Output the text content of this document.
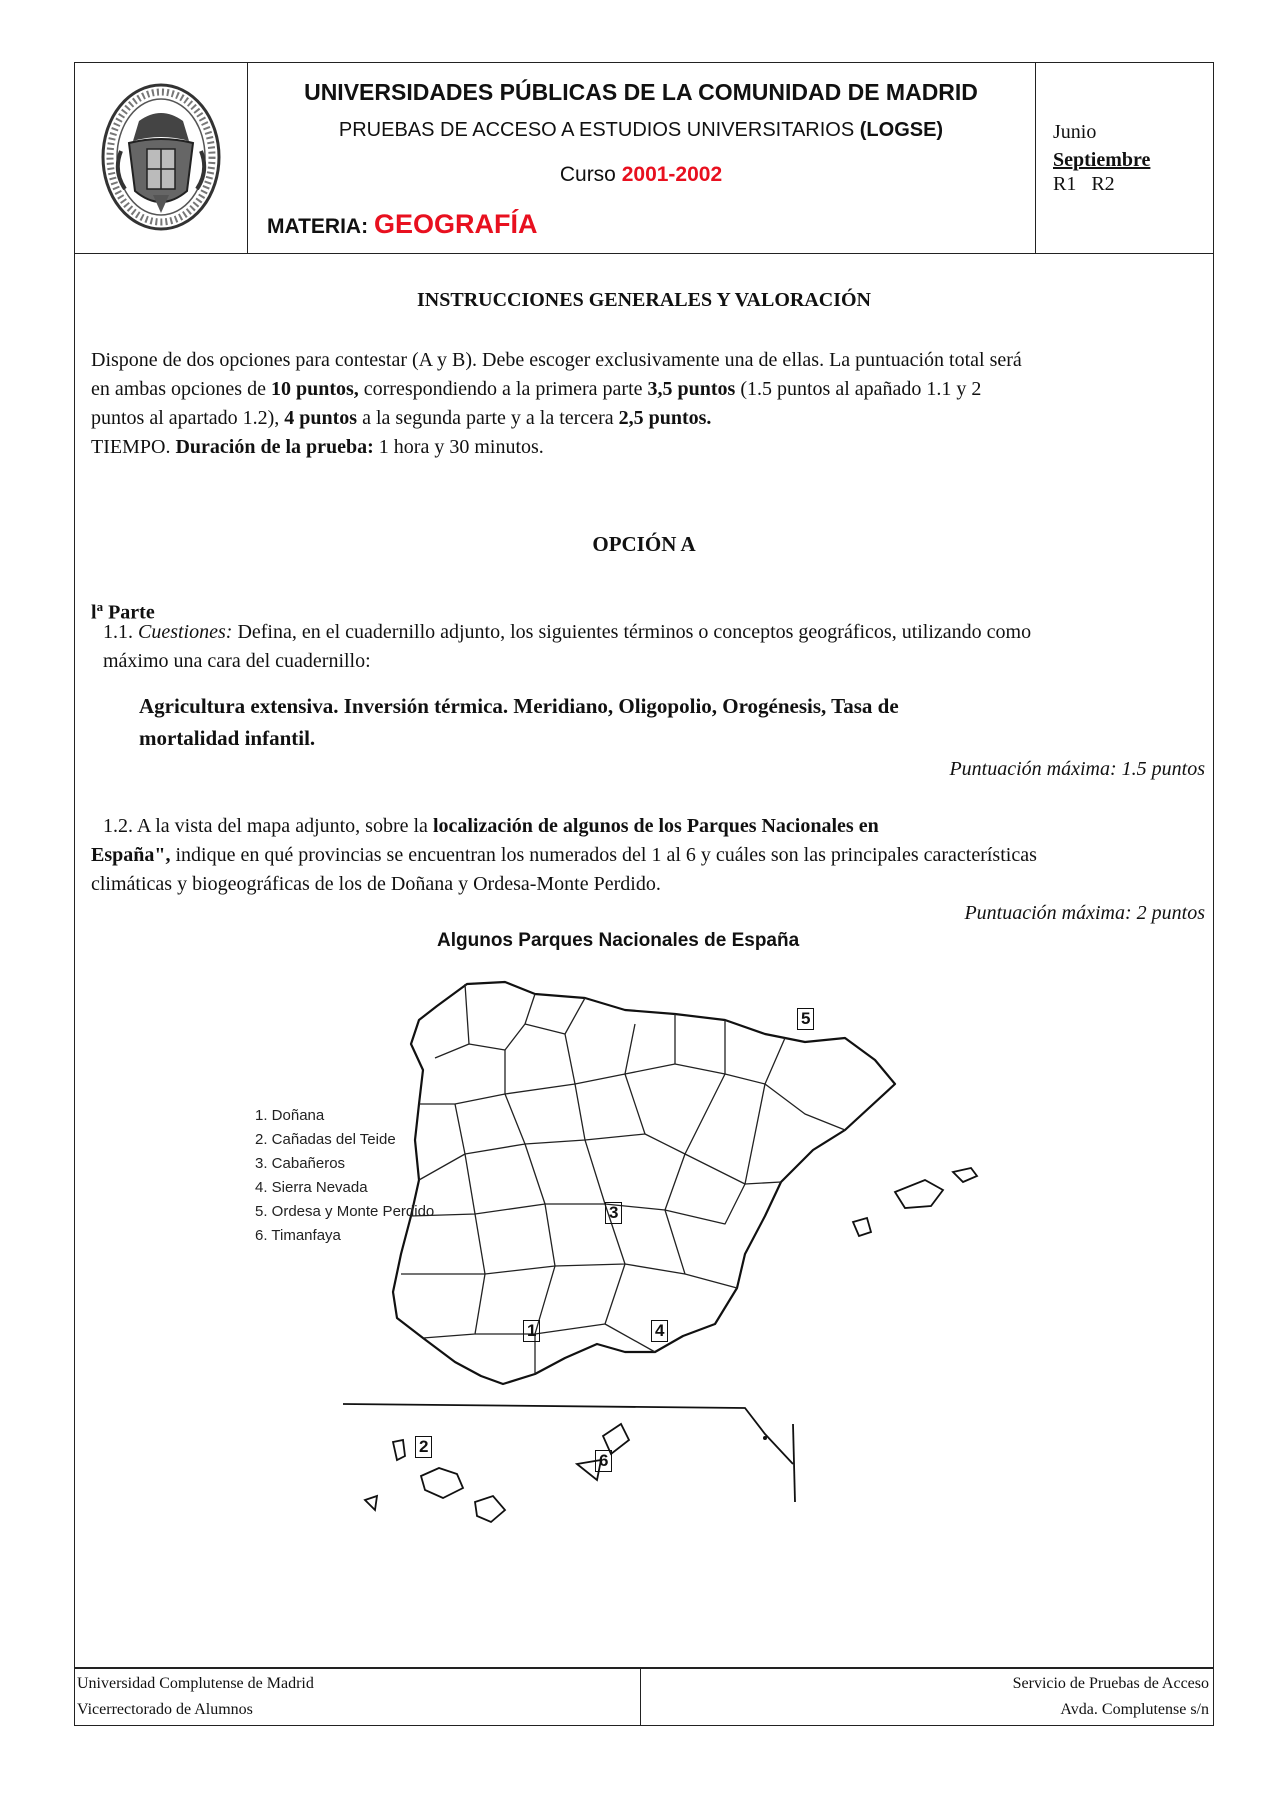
UNIVERSIDADES PÚBLICAS DE LA COMUNIDAD DE MADRID
PRUEBAS DE ACCESO A ESTUDIOS UNIVERSITARIOS (LOGSE)
Curso 2001-2002
MATERIA: GEOGRAFÍA
Junio
Septiembre
R1 R2
INSTRUCCIONES GENERALES Y VALORACIÓN
Dispone de dos opciones para contestar (A y B). Debe escoger exclusivamente una de ellas. La puntuación total será
en ambas opciones de 10 puntos, correspondiendo a la primera parte 3,5 puntos (1.5 puntos al apañado 1.1 y 2
puntos al apartado 1.2), 4 puntos a la segunda parte y a la tercera 2,5 puntos.
TIEMPO. Duración de la prueba: 1 hora y 30 minutos.
OPCIÓN A
$l^a$ Parte
1.1. Cuestiones: Defina, en el cuadernillo adjunto, los siguientes términos o conceptos geográficos, utilizando como
máximo una cara del cuadernillo:
Agricultura extensiva. Inversión térmica. Meridiano, Oligopolio, Orogénesis, Tasa de
mortalidad infantil.
Puntuación máxima: 1.5 puntos
1.2. A la vista del mapa adjunto, sobre la localización de algunos de los Parques Nacionales en
España", indique en qué provincias se encuentran los numerados del 1 al 6 y cuáles son las principales características
climáticas y biogeográficas de los de Doñana y Ordesa-Monte Perdido.
Puntuación máxima: 2 puntos
Algunos Parques Nacionales de España
1. Doñana
2. Cañadas del Teide
3. Cabañeros
4. Sierra Nevada
5. Ordesa y Monte Perdido
6. Timanfaya
1
2
3
4
5
6
Universidad Complutense de Madrid
Vicerrectorado de Alumnos
Servicio de Pruebas de Acceso
Avda. Complutense s/n
